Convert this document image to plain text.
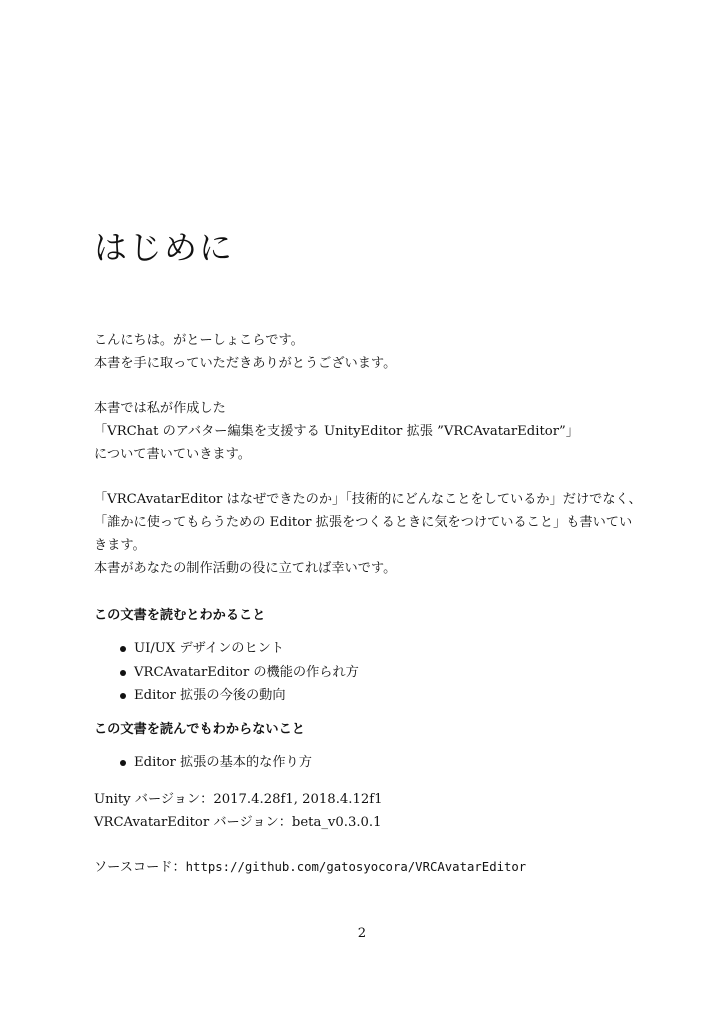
はじめに

こんにちは。がとーしょこらです。
本書を手に取っていただきありがとうございます。

本書では私が作成した
「VRChat のアバター編集を支援する UnityEditor 拡張 ”VRCAvatarEditor”」
について書いていきます。

「VRCAvatarEditor はなぜできたのか」「技術的にどんなことをしているか」だけでなく、
「誰かに使ってもらうための Editor 拡張をつくるときに気をつけていること」も書いてい
きます。
本書があなたの制作活動の役に立てれば幸いです。

この文書を読むとわかること
UI/UX デザインのヒント
VRCAvatarEditor の機能の作られ方
Editor 拡張の今後の動向
この文書を読んでもわからないこと
Editor 拡張の基本的な作り方

Unity バージョン：2017.4.28f1, 2018.4.12f1
VRCAvatarEditor バージョン：beta_v0.3.0.1

ソースコード：https://github.com/gatosyocora/VRCAvatarEditor

2
